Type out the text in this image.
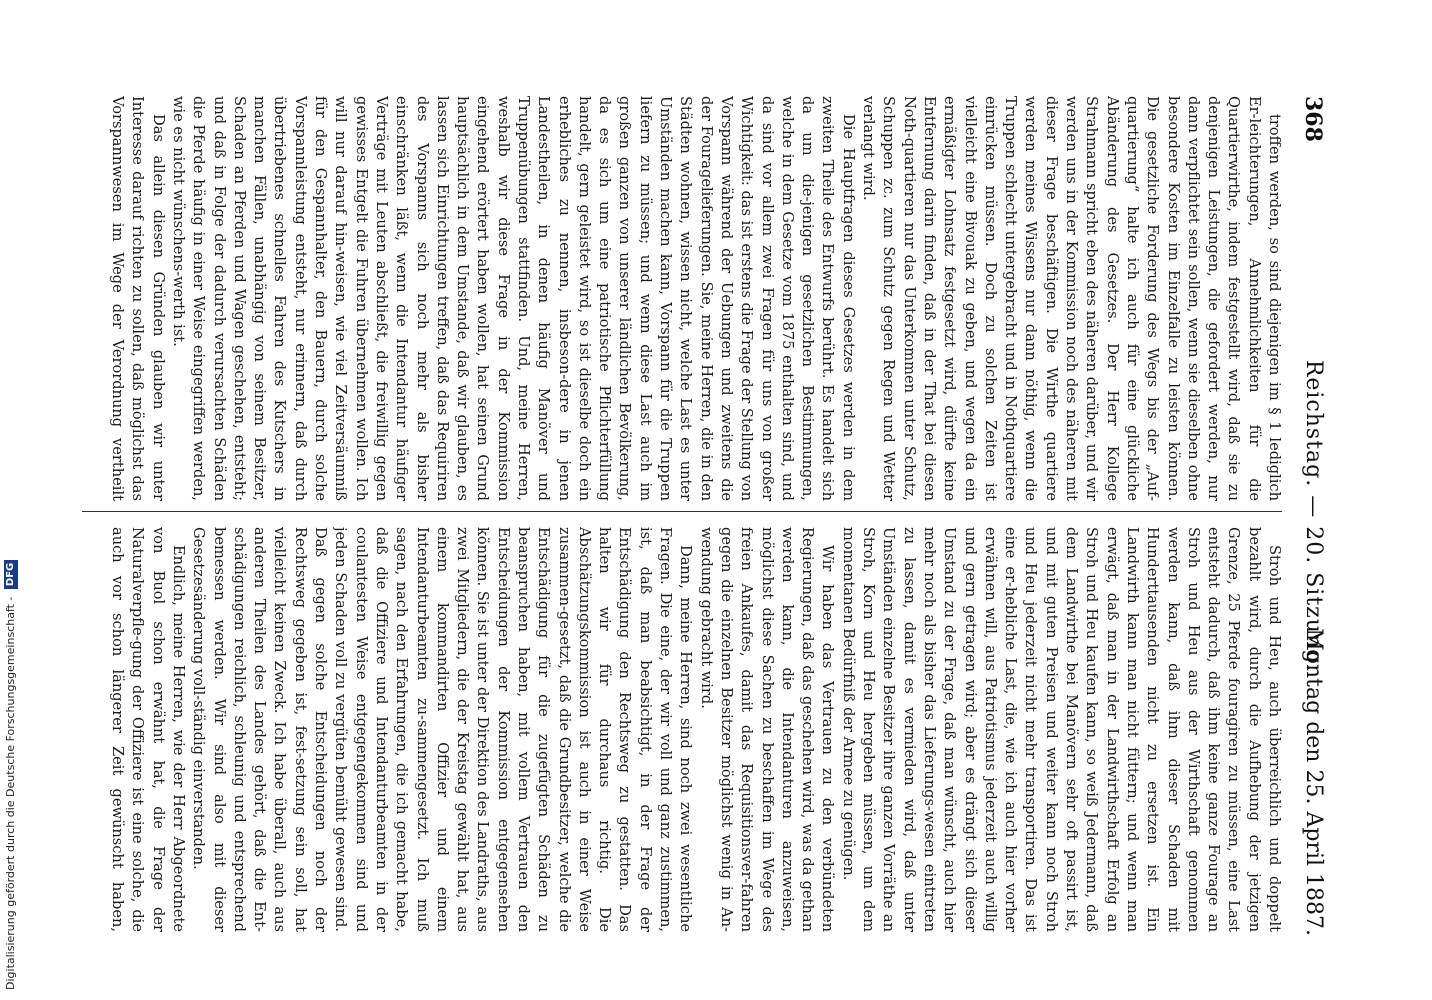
368
Reichstag. — 20. Sitzung.
Montag den 25. April 1887.

troffen werden, so sind diejenigen im § 1 lediglich Er-leichterungen, Annehmlichkeiten für die Quartierwirthe, indem festgestellt wird, daß sie zu denjenigen Leistungen, die gefordert werden, nur dann verpflichtet sein sollen, wenn sie dieselben ohne besondere Kosten im Einzelfalle zu leisten können. Die gesetzliche Forderung des Wegs bis der „Auf-quartierung“ halte ich auch für eine glückliche Abänderung des Gesetzes. Der Herr Kollege Strahmann spricht eben des näheren darüber, und wir werden uns in der Kommission noch des näheren mit dieser Frage beschäftigen. Die Wirthe quartiere werden meines Wissens nur dann nöthig, wenn die Truppen schlecht untergebracht und in Nothquartiere einrücken müssen. Doch zu solchen Zeiten ist vielleicht eine Bivouak zu geben, und wegen da ein ermäßigter Lohnsatz festgesetzt wird, dürfte keine Entfernung darin finden, daß in der That bei diesen Noth-quartieren nur das Unterkommen unter Schutz, Schuppen zc. zum Schutz gegen Regen und Wetter verlangt wird.

Die Hauptfragen dieses Gesetzes werden in dem zweiten Theile des Entwurfs berührt. Es handelt sich da um die-jenigen gesetzlichen Bestimmungen, welche in dem Gesetze vom 1875 enthalten sind, und da sind vor allem zwei Fragen für uns von großer Wichtigkeit: das ist erstens die Frage der Stellung von Vorspann während der Uebungen und zweitens die der Fouragelieferungen. Sie, meine Herren, die in den Städten wohnen, wissen nicht, welche Last es unter Umständen machen kann, Vorspann für die Truppen liefern zu müssen; und wenn diese Last auch im großen ganzen von unserer ländlichen Bevölkerung, da es sich um eine patriotische Pflichterfüllung handelt, gern geleistet wird, so ist dieselbe doch ein erhebliches zu nennen, insbeson-dere in jenen Landestheilen, in denen häufig Manöver und Truppenübungen stattfinden. Und, meine Herren, weshalb wir diese Frage in der Kommission eingehend erörtert haben wollen, hat seinen Grund hauptsächlich in dem Umstande, daß wir glauben, es lassen sich Einrichtungen treffen, daß das Requiriren des Vorspanns sich noch mehr als bisher einschränken läßt, wenn die Intendantur häufiger Verträge mit Leuten abschließt, die freiwillig gegen gewisses Entgelt die Fuhren übernehmen wollen. Ich will nur darauf hin-weisen, wie viel Zeitversäumniß für den Gespannhalter, den Bauern, durch solche Vorspannleistung entsteht, nur erinnern, daß durch übertriebenes schnelles Fahren des Kutschers in manchen Fällen, unabhängig von seinem Besitzer, Schaden an Pferden und Wagen geschehen, entsteht; und daß in Folge der dadurch verursachten Schäden die Pferde häufig in einer Weise eingegriffen werden, wie es nicht wünschens-werth ist.

Das allein diesen Gründen glauben wir unter Interesse darauf richten zu sollen, daß möglichst das Vorspannwesen im Wege der Verordnung vertheilt

Stroh und Heu, auch überreichlich und doppelt bezahlt wird, durch die Aufhebung der jetzigen Grenze, 25 Pferde fouragiren zu müssen, eine Last entsteht dadurch, daß ihm keine ganze Fourage an Stroh und Heu aus der Wirthschaft genommen werden kann, daß ihm dieser Schaden mit Hunderttausenden nicht zu ersetzen ist. Ein Landwirth kann man nicht füttern; und wenn man erwägt, daß man in der Landwirthschaft Erfolg an Stroh und Heu kaufen kann, so weiß Jedermann, daß dem Landwirthe bei Manövern sehr oft passirt ist, und mit guten Preisen und weiter kann noch Stroh und Heu jederzeit nicht mehr transportiren. Das ist eine er-hebliche Last, die, wie ich auch hier vorher erwähnen will, aus Patriotismus jederzeit auch willig und gern getragen wird; aber es drängt sich dieser Umstand zu der Frage, daß man wünscht, auch hier mehr noch als bisher das Lieferungs-wesen eintreten zu lassen, damit es vermieden wird, daß unter Umständen einzelne Besitzer ihre ganzen Vorräthe an Stroh, Korn und Heu hergeben müssen, um dem momentanen Bedürfniß der Armee zu genügen.

Wir haben das Vertrauen zu den verbündeten Regierungen, daß das geschehen wird, was da gethan werden kann, die Intendanturen anzuweisen, möglichst diese Sachen zu beschaffen im Wege des freien Ankaufes, damit das Requisitionsver-fahren gegen die einzelnen Besitzer möglichst wenig in An-wendung gebracht wird.

Dann, meine Herren, sind noch zwei wesentliche Fragen. Die eine, der wir voll und ganz zustimmen, ist, daß man beabsichtigt, in der Frage der Entschädigung den Rechtsweg zu gestatten. Das halten wir für durchaus richtig. Die Abschätzungskommission ist auch in einer Weise zusammen-gesetzt, daß die Grundbesitzer, welche die Entschädigung für die zugefügten Schäden zu beanspruchen haben, mit vollem Vertrauen den Entscheidungen der Kommission entgegensehen können. Sie ist unter der Direktion des Landraths, aus zwei Mitgliedern, die der Kreistag gewählt hat, aus einem kommandirten Offizier und einem Intendanturbeamten zu-sammengesetzt. Ich muß sagen, nach den Erfahrungen, die ich gemacht habe, daß die Offiziere und Intendanturbeamten in der coulantesten Weise entgegengekommen sind und jeden Schaden voll zu vergüten bemüht gewesen sind. Daß gegen solche Entscheidungen noch der Rechtsweg gegeben ist, fest-setzung sein soll, hat vielleicht keinen Zweck. Ich habe überall, auch aus anderen Theilen des Landes gehört, daß die Ent-schädigungen reichlich, schleunig und entsprechend bemessen werden. Wir sind also mit dieser Gesetzesänderung voll-ständig einverstanden.

Endlich, meine Herren, wie der Herr Abgeordnete von Buol schon erwähnt hat, die Frage der Naturalverpfle-gung der Offiziere ist eine solche, die auch vor schon längerer Zeit gewünscht haben,

Digitalisierung gefördert durch die Deutsche Forschungsgemeinschaft - DFG
